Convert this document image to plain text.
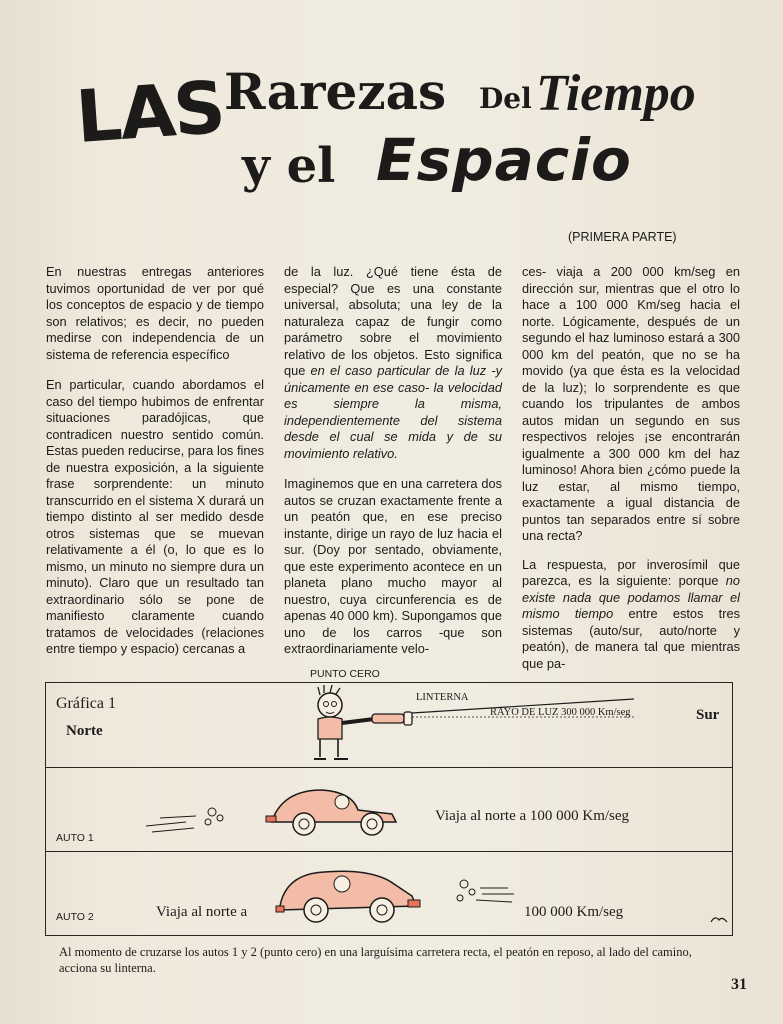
LAS
Rarezas Del Tiempo
y el Espacio
(PRIMERA PARTE)

En nuestras entregas anteriores tuvimos oportunidad de ver por qué los conceptos de espacio y de tiempo son relativos; es decir, no pueden medirse con independencia de un sistema de referencia específico

En particular, cuando abordamos el caso del tiempo hubimos de enfrentar situaciones paradójicas, que contradicen nuestro sentido común. Estas pueden reducirse, para los fines de nuestra exposición, a la siguiente frase sorprendente: un minuto transcurrido en el sistema X durará un tiempo distinto al ser medido desde otros sistemas que se muevan relativamente a él (o, lo que es lo mismo, un minuto no siempre dura un minuto). Claro que un resultado tan extraordinario sólo se pone de manifiesto claramente cuando tratamos de velocidades (relaciones entre tiempo y espacio) cercanas a

de la luz. ¿Qué tiene ésta de especial? Que es una constante universal, absoluta; una ley de la naturaleza capaz de fungir como parámetro sobre el movimiento relativo de los objetos. Esto significa que en el caso particular de la luz -y únicamente en ese caso- la velocidad es siempre la misma, independientemente del sistema desde el cual se mida y de su movimiento relativo.

Imaginemos que en una carretera dos autos se cruzan exactamente frente a un peatón que, en ese preciso instante, dirige un rayo de luz hacia el sur. (Doy por sentado, obviamente, que este experimento acontece en un planeta plano mucho mayor al nuestro, cuya circunferencia es de apenas 40 000 km). Supongamos que uno de los carros -que son extraordinariamente velo-

ces- viaja a 200 000 km/seg en dirección sur, mientras que el otro lo hace a 100 000 Km/seg hacia el norte. Lógicamente, después de un segundo el haz luminoso estará a 300 000 km del peatón, que no se ha movido (ya que ésta es la velocidad de la luz); lo sorprendente es que cuando los tripulantes de ambos autos midan un segundo en sus respectivos relojes ¡se encontrarán igualmente a 300 000 km del haz luminoso! Ahora bien ¿cómo puede la luz estar, al mismo tiempo, exactamente a igual distancia de puntos tan separados entre sí sobre una recta?

La respuesta, por inverosímil que parezca, es la siguiente: porque no existe nada que podamos llamar el mismo tiempo entre estos tres sistemas (auto/sur, auto/norte y peatón), de manera tal que mientras que pa-

PUNTO CERO
Gráfica 1
Norte
Sur
LINTERNA
RAYO DE LUZ 300 000 Km/seg
AUTO 1
Viaja al norte a 100 000 Km/seg
AUTO 2	Viaja al norte a	100 000 Km/seg
Al momento de cruzarse los autos 1 y 2 (punto cero) en una larguísima carretera recta, el peatón en reposo, al lado del camino, acciona su linterna.
31
